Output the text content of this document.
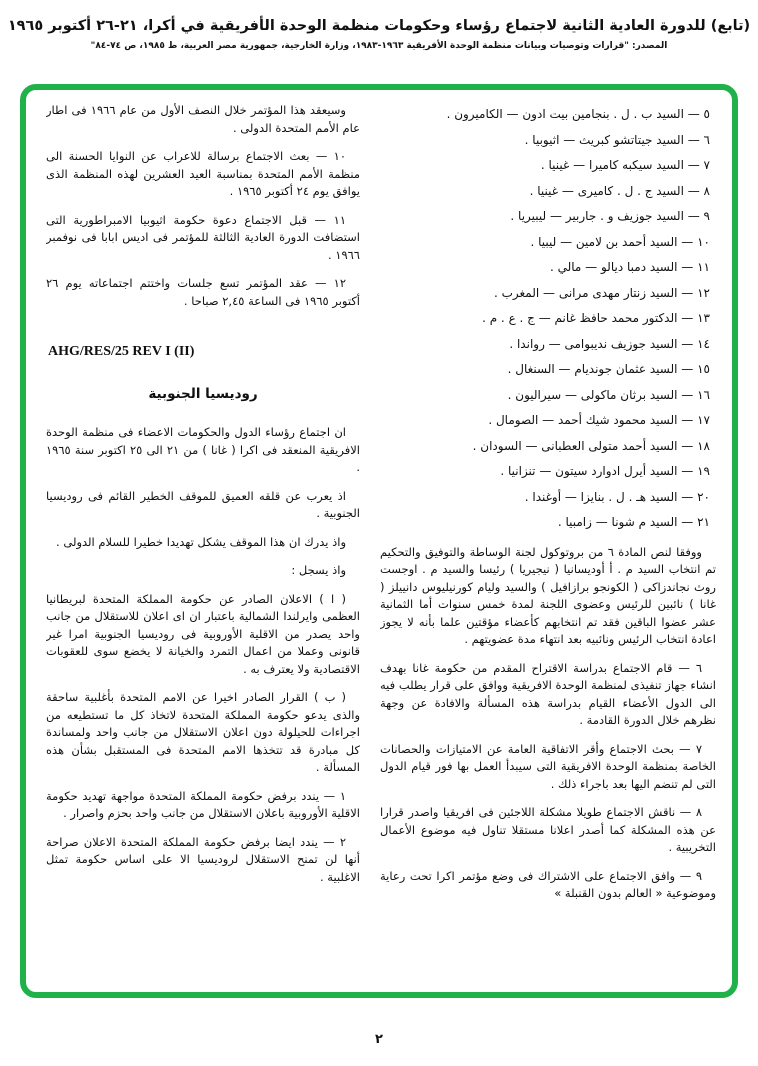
(تابع) للدورة العادية الثانية لاجتماع رؤساء وحكومات منظمة الوحدة الأفريقية في أكرا، ٢١-٢٦ أكتوبر ١٩٦٥
المصدر: "قرارات وتوصيات وبيانات منظمة الوحدة الأفريقية ١٩٦٣-١٩٨٣، وزارة الخارجية، جمهورية مصر العربية، ط ١٩٨٥، ص ٧٤-٨٤"
٥ — السيد ب . ل . بنجامين بيت ادون — الكاميرون .
٦ — السيد جيتاتشو كبريث — اثيوبيا .
٧ — السيد سيكبه كاميرا — غينيا .
٨ — السيد ج . ل . كاميرى — غينيا .
٩ — السيد جوزيف و . جاربير — ليبيريا .
١٠ — السيد أحمد بن لامين — ليبيا .
١١ — السيد دمبا ديالو — مالي .
١٢ — السيد زنتار مهدى مرانى — المغرب .
١٣ — الدكتور محمد حافظ غانم — ج . ع . م .
١٤ — السيد جوزيف نديبوامى — رواندا .
١٥ — السيد عثمان جونديام — السنغال .
١٦ — السيد برثان ماكولى — سيراليون .
١٧ — السيد محمود شيك أحمد — الصومال .
١٨ — السيد أحمد متولى العطبانى — السودان .
١٩ — السيد أيرل ادوارد سيتون — تنزانيا .
٢٠ — السيد هـ . ل . بنايزا — أوغندا .
٢١ — السيد م شونا — زامبيا .

ووفقا لنص المادة ٦ من بروتوكول لجنة الوساطة والتوفيق والتحكيم تم انتخاب السيد م . أ أوديسانيا ( نيجيريا ) رئيسا والسيد م . اوجست روث نجاندزاكى ( الكونجو برازافيل ) والسيد وليام كورنيليوس دانييلز ( غانا ) نائبين للرئيس وعضوى اللجنة لمدة خمس سنوات أما الثمانية عشر عضوا الباقين فقد تم انتخابهم كأعضاء مؤقتين علما بأنه لا يجوز اعادة انتخاب الرئيس ونائبيه بعد انتهاء مدة عضويتهم .

٦ — قام الاجتماع بدراسة الاقتراح المقدم من حكومة غانا بهدف انشاء جهاز تنفيذى لمنظمة الوحدة الافريقية ووافق على قرار يطلب فيه الى الدول الأعضاء القيام بدراسة هذه المسألة والافادة عن وجهة نظرهم خلال الدورة القادمة .

٧ — بحث الاجتماع وأقر الاتفاقية العامة عن الامتيازات والحصانات الخاصة بمنظمة الوحدة الافريقية التى سيبدأ العمل بها فور قيام الدول التى لم تنضم اليها بعد باجراء ذلك .

٨ — ناقش الاجتماع طويلا مشكلة اللاجئين فى افريقيا واصدر قرارا عن هذه المشكلة كما أصدر اعلانا مستقلا تناول فيه موضوع الأعمال التخريبية .

٩ — وافق الاجتماع على الاشتراك فى وضع مؤتمر اكرا تحت رعاية وموضوعية « العالم بدون القنبلة »

وسيعقد هذا المؤتمر خلال النصف الأول من عام ١٩٦٦ فى اطار عام الأمم المتحدة الدولى .

١٠ — بعث الاجتماع برسالة للاعراب عن النوايا الحسنة الى منظمة الأمم المتحدة بمناسبة العيد العشرين لهذه المنظمة الذى يوافق يوم ٢٤ أكتوبر ١٩٦٥ .

١١ — قبل الاجتماع دعوة حكومة اثيوبيا الامبراطورية التى استضافت الدورة العادية الثالثة للمؤتمر فى اديس ابابا فى نوفمبر ١٩٦٦ .

١٢ — عقد المؤتمر تسع جلسات واختتم اجتماعاته يوم ٢٦ أكتوبر ١٩٦٥ فى الساعة ٢,٤٥ صباحا .

AHG/RES/25 REV I (II)
روديسيا الجنوبية

ان اجتماع رؤساء الدول والحكومات الاعضاء فى منظمة الوحدة الافريقية المنعقد فى اكرا ( غانا ) من ٢١ الى ٢٥ اكتوبر سنة ١٩٦٥ .

اذ يعرب عن قلقه العميق للموقف الخطير القائم فى روديسيا الجنوبية .

واذ يدرك ان هذا الموقف يشكل تهديدا خطيرا للسلام الدولى .

واذ يسجل :

( ا ) الاعلان الصادر عن حكومة المملكة المتحدة لبريطانيا العظمى وايرلندا الشمالية باعتبار ان اى اعلان للاستقلال من جانب واحد يصدر من الاقلية الأوروبية فى روديسيا الجنوبية امرا غير قانونى وعملا من اعمال التمرد والخيانة لا يخضع سوى للعقوبات الاقتصادية ولا يعترف به .

( ب ) القرار الصادر اخيرا عن الامم المتحدة بأغلبية ساحقة والذى يدعو حكومة المملكة المتحدة لاتخاذ كل ما تستطيعه من اجراءات للحيلولة دون اعلان الاستقلال من جانب واحد ولمساندة كل مبادرة قد تتخذها الامم المتحدة فى المستقبل بشأن هذه المسألة .

١ — يندد برفض حكومة المملكة المتحدة مواجهة تهديد حكومة الاقلية الأوروبية باعلان الاستقلال من جانب واحد بحزم واصرار .

٢ — يندد ايضا برفض حكومة المملكة المتحدة الاعلان صراحة أنها لن تمنح الاستقلال لروديسيا الا على اساس حكومة تمثل الاغلبية .

٢
